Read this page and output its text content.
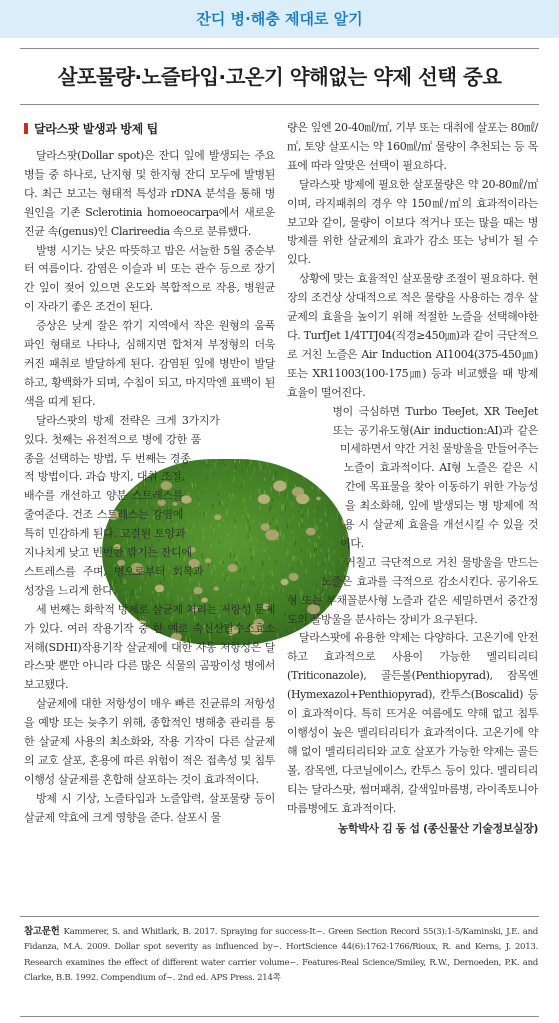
잔디 병·해충 제대로 알기
살포물량·노즐타입·고온기 약해없는 약제 선택 중요
달라스팟 발생과 방제 팁

달라스팟(Dollar spot)은 잔디 잎에 발생되는 주요 병들 중 하나로, 난지형 및 한지형 잔디 모두에 발병된다. 최근 보고는 형태적 특성과 rDNA 분석을 통해 병 원인을 기존 Sclerotinia homoeocarpa에서 새로운 진균 속(genus)인 Clarireedia 속으로 분류했다.

발병 시기는 낮은 따뜻하고 밤은 서늘한 5월 중순부터 여름이다. 감염은 이슬과 비 또는 관수 등으로 장기간 잎이 젖어 있으면 온도와 복합적으로 작용, 병원균이 자라기 좋은 조건이 된다.

증상은 낮게 잘은 깎기 지역에서 작은 원형의 움푹 파인 형태로 나타나, 심해지면 합쳐져 부정형의 더욱 커진 패취로 발달하게 된다. 감염된 잎에 병반이 발달하고, 황백화가 되며, 수침이 되고, 마지막엔 표백이 된 색을 띠게 된다.

달라스팟의 방제 전략은 크게 3가지가 있다. 첫째는 유전적으로 병에 강한 품종을 선택하는 방법, 두 번째는 경종적 방법이다. 과습 방지, 대취 조절, 배수를 개선하고 양분 스트레스를 줄여준다. 건조 스트레스는 감염에 특히 민감하게 된다. 고결된 토양과 지나치게 낮고 빈번한 깎기는 잔디에 스트레스를 주며, 병으로부터 회복과 성장을 느리게 한다.

세 번째는 화학적 방제로 살균제 처리는 저항성 문제가 있다. 여러 작용기작 중 한 예로 숙신산탈수소효소저해(SDHI)작용기작 살균제에 대한 자동 저항성은 달라스팟 뿐만 아니라 다른 많은 식물의 곰팡이성 병에서 보고됐다.

살균제에 대한 저항성이 매우 빠른 진균류의 저항성을 예방 또는 늦추기 위해, 종합적인 병해충 관리를 통한 살균제 사용의 최소화와, 작용 기작이 다른 살균제의 교호 살포, 혼용에 따른 위험이 적은 접촉성 및 침투이행성 살균제를 혼합해 살포하는 것이 효과적이다.

방제 시 기상, 노즐타입과 노즐압력, 살포물량 등이 살균제 약효에 크게 영향을 준다. 살포시 물

량은 잎엔 20-40㎖/㎡, 기부 또는 대취에 살포는 80㎖/㎡, 토양 살포시는 약 160㎖/㎡ 물량이 추천되는 등 목표에 따라 알맞은 선택이 필요하다.

달라스팟 방제에 필요한 살포물량은 약 20-80㎖/㎡이며, 라지패취의 경우 약 150㎖/㎡의 효과적이라는 보고와 같이, 물량이 이보다 적거나 또는 많을 때는 병 방제를 위한 살균제의 효과가 감소 또는 낭비가 될 수 있다.

상황에 맞는 효율적인 살포물량 조절이 필요하다. 현장의 조건상 상대적으로 적은 물량을 사용하는 경우 살균제의 효율을 높이기 위해 적절한 노즐을 선택해야한다. TurfJet 1/4TTJ04(직경≥450㎛)과 같이 극단적으로 거친 노즐은 Air Induction AI1004(375-450㎛) 또는 XR11003(100-175㎛) 등과 비교했을 때 방제 효율이 떨어진다.

병이 극심하면 Turbo TeeJet, XR TeeJet 또는 공기유도형(Air induction:AI)과 같은 미세하면서 약간 거친 물방울을 만들어주는 노즐이 효과적이다. AI형 노즐은 같은 시간에 목표물을 찾아 이동하기 위한 가능성을 최소화해, 잎에 발생되는 병 방제에 적용 시 살균제 효율을 개선시킬 수 있을 것이다.

거칠고 극단적으로 거친 물방울을 만드는 노즐은 효과를 극적으로 감소시킨다. 공기유도형 또는 부채꼴분사형 노즐과 같은 세밀하면서 중간정도의 물방울을 분사하는 장비가 요구된다.

달라스팟에 유용한 약제는 다양하다. 고온기에 안전하고 효과적으로 사용이 가능한 멜리티리티(Triticonazole), 골든볼(Penthiopyrad), 잠목엔(Hymexazol+Penthiopyrad), 칸투스(Boscalid) 등이 효과적이다. 특히 뜨거운 여름에도 약해 없고 침투이행성이 높은 멜리티리티가 효과적이다. 고온기에 약해 없이 멜리티리티와 교호 살포가 가능한 약제는 골든볼, 잠목엔, 다코닐에이스, 칸투스 등이 있다. 멜리티리티는 달라스팟, 썸머패취, 갈색잎마름병, 라이족토니아마름병에도 효과적이다.

농학박사 김 동 섭 (종신물산 기술정보실장)
참고문헌 Kammerer, S. and Whitlark, B. 2017. Spraying for success-It~. Green Section Record 55(3):1-5/Kaminski, J.E. and Fidanza, M.A. 2009. Dollar spot severity as influenced by~. HortScience 44(6):1762-1766/Rioux, R. and Kerns, J. 2013. Research examines the effect of different water carrier volume~. Features-Real Science/Smiley, R.W., Dernoeden, P.K. and Clarke, B.B. 1992. Compendium of~. 2nd ed. APS Press. 214쪽
